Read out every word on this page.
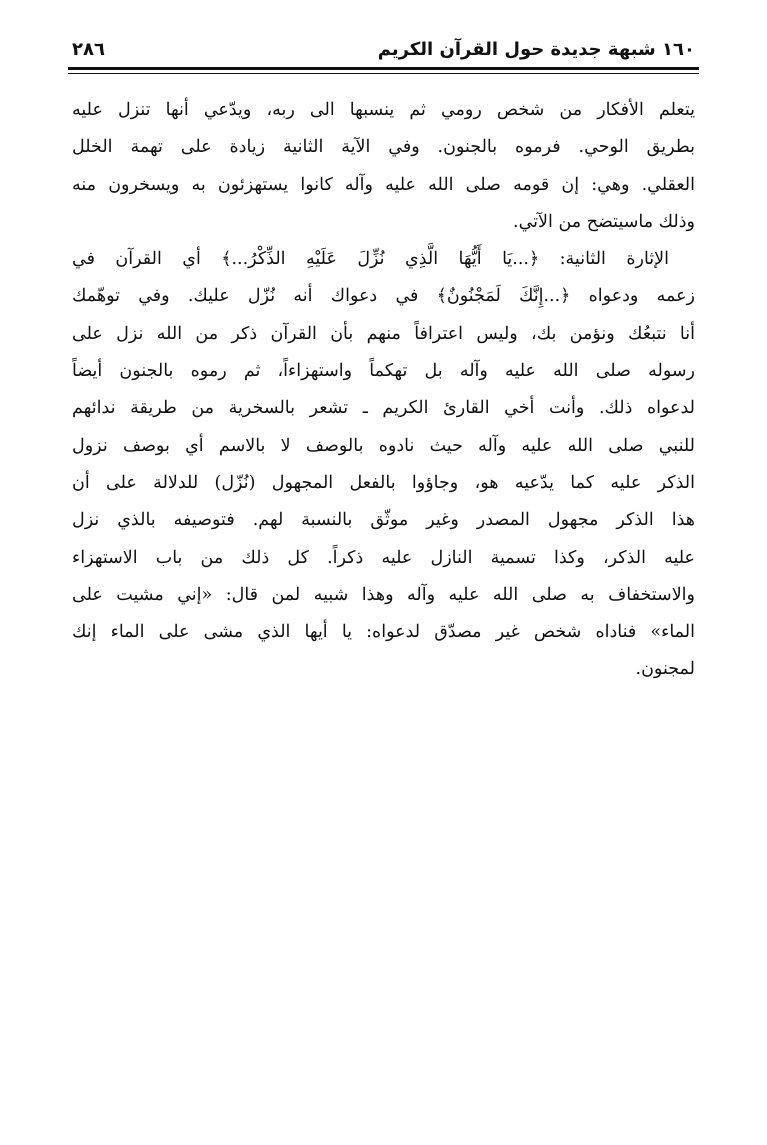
١٦٠ شبهة جديدة حول القرآن الكريم
٢٨٦
يتعلم الأفكار من شخص رومي ثم ينسبها الى ربه، ويدّعي أنها تنزل عليه
بطريق الوحي. فرموه بالجنون. وفي الآية الثانية زيادة على تهمة الخلل
العقلي. وهي: إن قومه صلى الله عليه وآله كانوا يستهزئون به ويسخرون منه
وذلك ماسيتضح من الآتي.
الإثارة الثانية: ﴿...يَا أَيُّهَا الَّذِي نُزِّلَ عَلَيْهِ الذِّكْرُ...﴾ أي القرآن في
زعمه ودعواه ﴿...إِنَّكَ لَمَجْنُونٌ﴾ في دعواك أنه نُزّل عليك. وفي توهّمك
أنا نتبعُك ونؤمن بك، وليس اعترافاً منهم بأن القرآن ذكر من الله نزل على
رسوله صلى الله عليه وآله بل تهكماً واستهزاءاً، ثم رموه بالجنون أيضاً
لدعواه ذلك. وأنت أخي القارئ الكريم ـ تشعر بالسخرية من طريقة ندائهم
للنبي صلى الله عليه وآله حيث نادوه بالوصف لا بالاسم أي بوصف نزول
الذكر عليه كما يدّعيه هو، وجاؤوا بالفعل المجهول (نُزّل) للدلالة على أن
هذا الذكر مجهول المصدر وغير موثّق بالنسبة لهم. فتوصيفه بالذي نزل
عليه الذكر، وكذا تسمية النازل عليه ذكراً. كل ذلك من باب الاستهزاء
والاستخفاف به صلى الله عليه وآله وهذا شبيه لمن قال: «إني مشيت على
الماء» فناداه شخص غير مصدّق لدعواه: يا أيها الذي مشى على الماء إنك
لمجنون.
